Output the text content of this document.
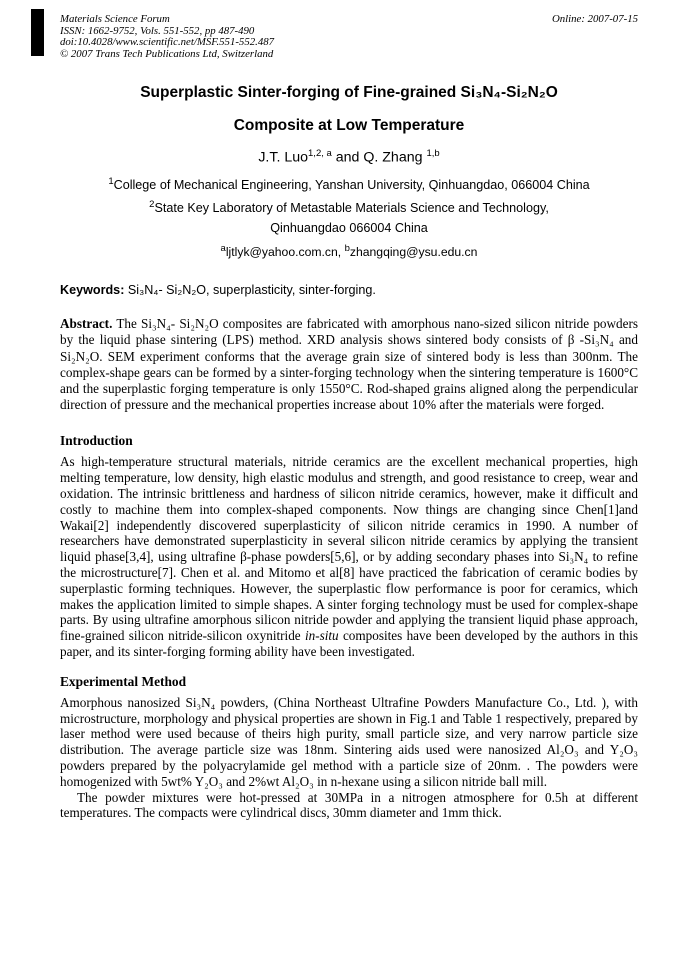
Materials Science Forum
ISSN: 1662-9752, Vols. 551-552, pp 487-490
doi:10.4028/www.scientific.net/MSF.551-552.487
© 2007 Trans Tech Publications Ltd, Switzerland
Online: 2007-07-15
Superplastic Sinter-forging of Fine-grained Si₃N₄-Si₂N₂O
Composite at Low Temperature
J.T. Luo$^{1,2, a}$ and Q. Zhang $^{1,b}$
$^1$College of Mechanical Engineering, Yanshan University, Qinhuangdao, 066004 China
$^2$State Key Laboratory of Metastable Materials Science and Technology,
Qinhuangdao 066004 China
$^a$ljtlyk@yahoo.com.cn, $^b$zhangqing@ysu.edu.cn
Keywords: Si₃N₄- Si₂N₂O, superplasticity, sinter-forging.
Abstract. The Si₃N₄- Si₂N₂O composites are fabricated with amorphous nano-sized silicon nitride powders by the liquid phase sintering (LPS) method. XRD analysis shows sintered body consists of β -Si₃N₄ and Si₂N₂O. SEM experiment conforms that the average grain size of sintered body is less than 300nm. The complex-shape gears can be formed by a sinter-forging technology when the sintering temperature is 1600°C and the superplastic forging temperature is only 1550°C. Rod-shaped grains aligned along the perpendicular direction of pressure and the mechanical properties increase about 10% after the materials were forged.
Introduction
As high-temperature structural materials, nitride ceramics are the excellent mechanical properties, high melting temperature, low density, high elastic modulus and strength, and good resistance to creep, wear and oxidation. The intrinsic brittleness and hardness of silicon nitride ceramics, however, make it difficult and costly to machine them into complex-shaped components. Now things are changing since Chen[1]and Wakai[2] independently discovered superplasticity of silicon nitride ceramics in 1990. A number of researchers have demonstrated superplasticity in several silicon nitride ceramics by applying the transient liquid phase[3,4], using ultrafine β-phase powders[5,6], or by adding secondary phases into Si₃N₄ to refine the microstructure[7]. Chen et al. and Mitomo et al[8] have practiced the fabrication of ceramic bodies by superplastic forming techniques. However, the superplastic flow performance is poor for ceramics, which makes the application limited to simple shapes. A sinter forging technology must be used for complex-shape parts. By using ultrafine amorphous silicon nitride powder and applying the transient liquid phase approach, fine-grained silicon nitride-silicon oxynitride in-situ composites have been developed by the authors in this paper, and its sinter-forging forming ability have been investigated.
Experimental Method
Amorphous nanosized Si₃N₄ powders, (China Northeast Ultrafine Powders Manufacture Co., Ltd. ), with microstructure, morphology and physical properties are shown in Fig.1 and Table 1 respectively, prepared by laser method were used because of theirs high purity, small particle size, and very narrow particle size distribution. The average particle size was 18nm. Sintering aids used were nanosized Al₂O₃ and Y₂O₃ powders prepared by the polyacrylamide gel method with a particle size of 20nm. . The powders were homogenized with 5wt% Y₂O₃ and 2%wt Al₂O₃ in n-hexane using a silicon nitride ball mill.
The powder mixtures were hot-pressed at 30MPa in a nitrogen atmosphere for 0.5h at different temperatures. The compacts were cylindrical discs, 30mm diameter and 1mm thick.
